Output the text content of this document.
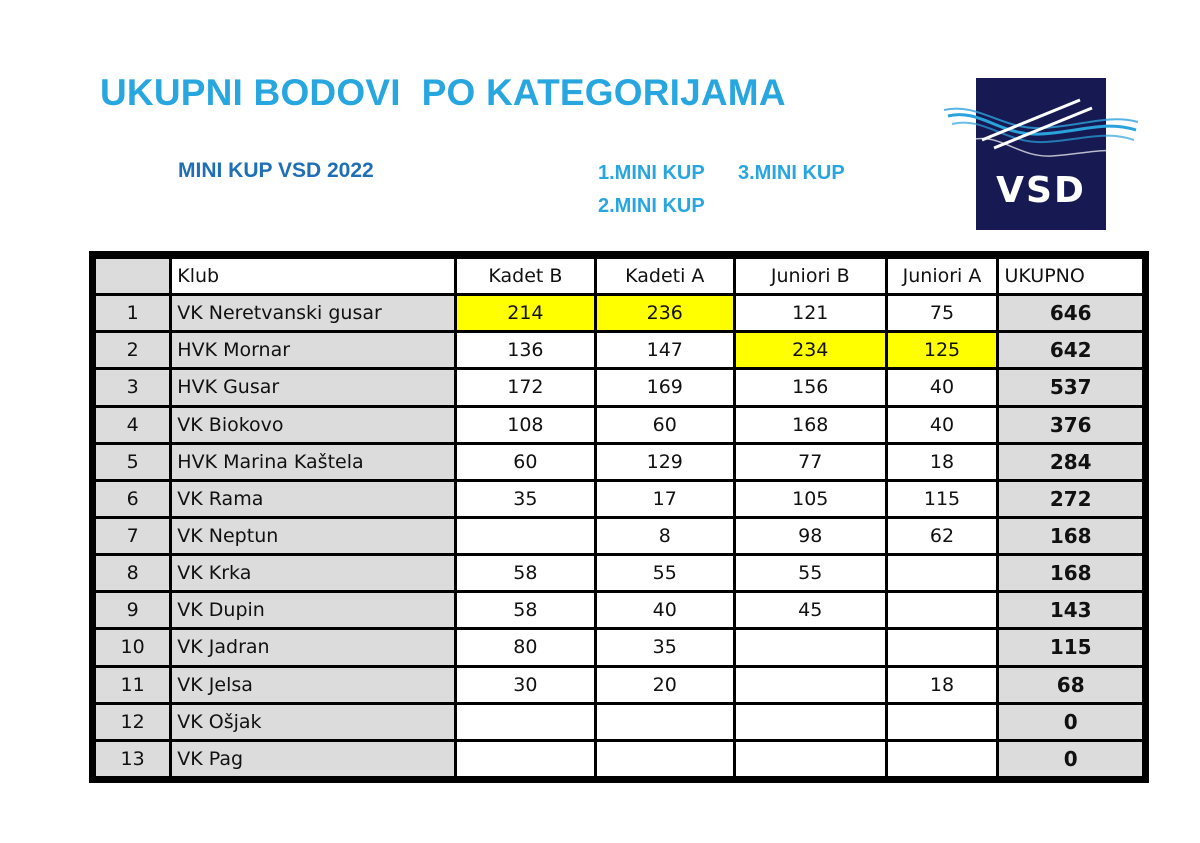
UKUPNI BODOVI  PO KATEGORIJAMA
MINI KUP VSD 2022	1.MINI KUP 3.MINI KUP
2.MINI KUP	VSD
	Klub	Kadet B	Kadeti A	Juniori B	Juniori A	UKUPNO
1	VK Neretvanski gusar	214	236	121	75	646
2	HVK Mornar	136	147	234	125	642
3	HVK Gusar	172	169	156	40	537
4	VK Biokovo	108	60	168	40	376
5	HVK Marina Kaštela	60	129	77	18	284
6	VK Rama	35	17	105	115	272
7	VK Neptun		8	98	62	168
8	VK Krka	58	55	55		168
9	VK Dupin	58	40	45		143
10	VK Jadran	80	35			115
11	VK Jelsa	30	20		18	68
12	VK Ošjak					0
13	VK Pag					0
